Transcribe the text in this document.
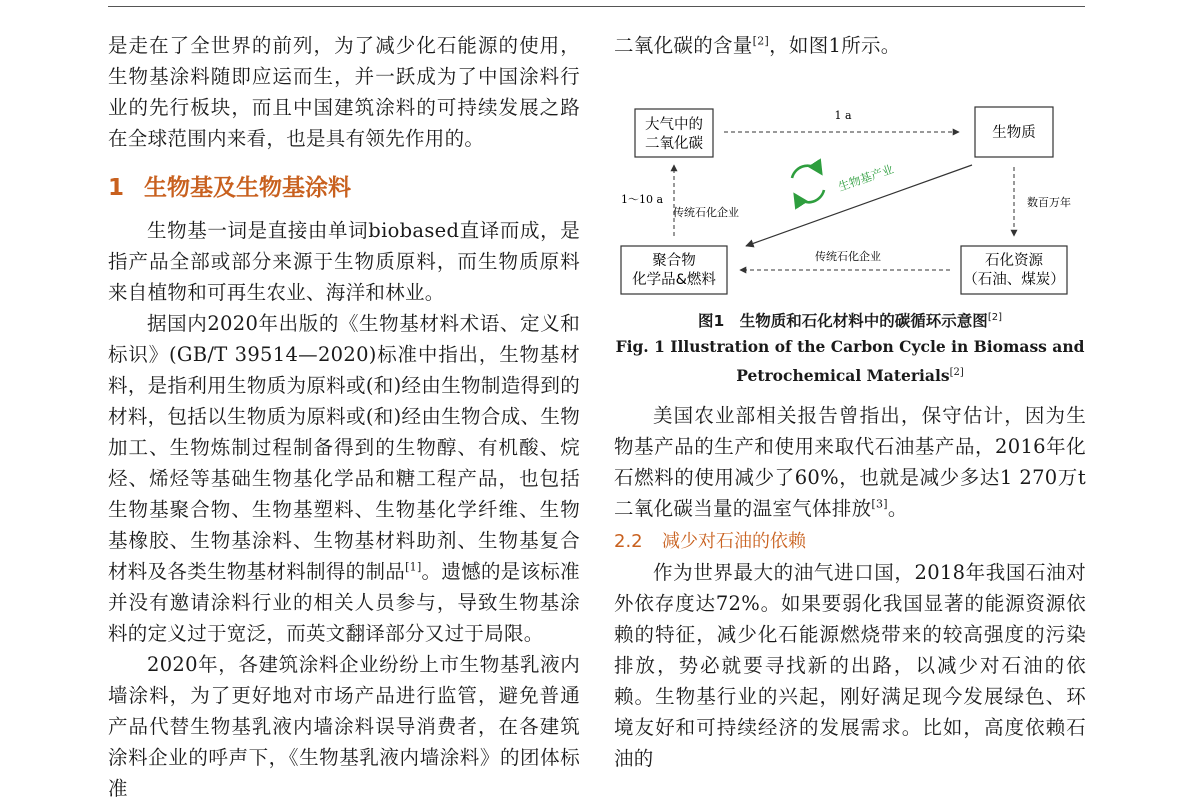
是走在了全世界的前列，为了减少化石能源的使用，生物基涂料随即应运而生，并一跃成为了中国涂料行业的先行板块，而且中国建筑涂料的可持续发展之路在全球范围内来看，也是具有领先作用的。

1 生物基及生物基涂料

生物基一词是直接由单词biobased直译而成，是指产品全部或部分来源于生物质原料，而生物质原料来自植物和可再生农业、海洋和林业。

据国内2020年出版的《生物基材料术语、定义和标识》(GB/T 39514—2020)标准中指出，生物基材料，是指利用生物质为原料或(和)经由生物制造得到的材料，包括以生物质为原料或(和)经由生物合成、生物加工、生物炼制过程制备得到的生物醇、有机酸、烷烃、烯烃等基础生物基化学品和糖工程产品，也包括生物基聚合物、生物基塑料、生物基化学纤维、生物基橡胶、生物基涂料、生物基材料助剂、生物基复合材料及各类生物基材料制得的制品[1]。遗憾的是该标准并没有邀请涂料行业的相关人员参与，导致生物基涂料的定义过于宽泛，而英文翻译部分又过于局限。

2020年，各建筑涂料企业纷纷上市生物基乳液内墙涂料，为了更好地对市场产品进行监管，避免普通产品代替生物基乳液内墙涂料误导消费者，在各建筑涂料企业的呼声下，《生物基乳液内墙涂料》的团体标准

二氧化碳的含量[2]，如图1所示。

大气中的
二氧化碳
生物质
聚合物
化学品&燃料
石化资源
（石油、煤炭）
1 a
数百万年
传统石化企业
1～10 a
传统石化企业
生物基产业

图1　生物质和石化材料中的碳循环示意图[2]

Fig. 1 Illustration of the Carbon Cycle in Biomass and

Petrochemical Materials[2]

美国农业部相关报告曾指出，保守估计，因为生物基产品的生产和使用来取代石油基产品，2016年化石燃料的使用减少了60%，也就是减少多达1 270万t二氧化碳当量的温室气体排放[3]。

2.2 减少对石油的依赖

作为世界最大的油气进口国，2018年我国石油对外依存度达72%。如果要弱化我国显著的能源资源依赖的特征，减少化石能源燃烧带来的较高强度的污染排放，势必就要寻找新的出路，以减少对石油的依赖。生物基行业的兴起，刚好满足现今发展绿色、环境友好和可持续经济的发展需求。比如，高度依赖石油的
